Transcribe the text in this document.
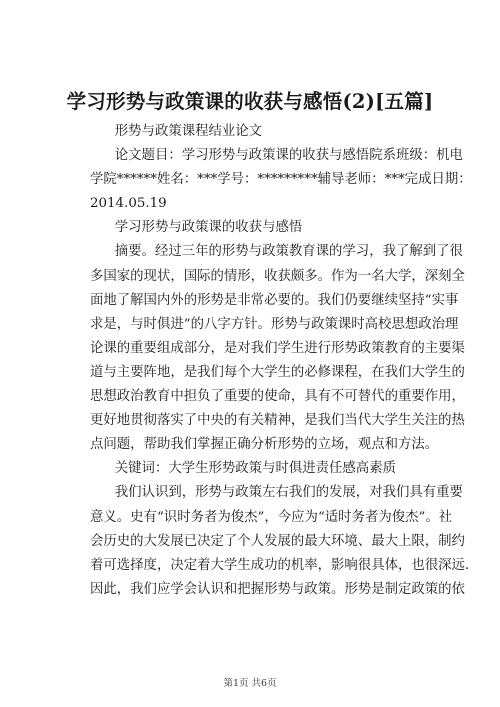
学习形势与政策课的收获与感悟(2)[五篇]

形势与政策课程结业论文

论文题目：学习形势与政策课的收获与感悟院系班级：机电
学院******姓名：***学号：*********辅导老师：***完成日期：
2014.05.19

学习形势与政策课的收获与感悟

摘要。经过三年的形势与政策教育课的学习，我了解到了很
多国家的现状，国际的情形，收获颇多。作为一名大学，深刻全
面地了解国内外的形势是非常必要的。我们仍要继续坚持“实事
求是，与时俱进”的八字方针。形势与政策课时高校思想政治理
论课的重要组成部分，是对我们学生进行形势政策教育的主要渠
道与主要阵地，是我们每个大学生的必修课程，在我们大学生的
思想政治教育中担负了重要的使命，具有不可替代的重要作用，
更好地贯彻落实了中央的有关精神，是我们当代大学生关注的热
点问题，帮助我们掌握正确分析形势的立场，观点和方法。

关键词：大学生形势政策与时俱进责任感高素质

我们认识到，形势与政策左右我们的发展，对我们具有重要
意义。史有“识时务者为俊杰”，今应为“适时务者为俊杰”。社
会历史的大发展已决定了个人发展的最大环境、最大上限，制约
着可选择度，决定着大学生成功的机率，影响很具体，也很深远.
因此，我们应学会认识和把握形势与政策。形势是制定政策的依
第1页 共6页
